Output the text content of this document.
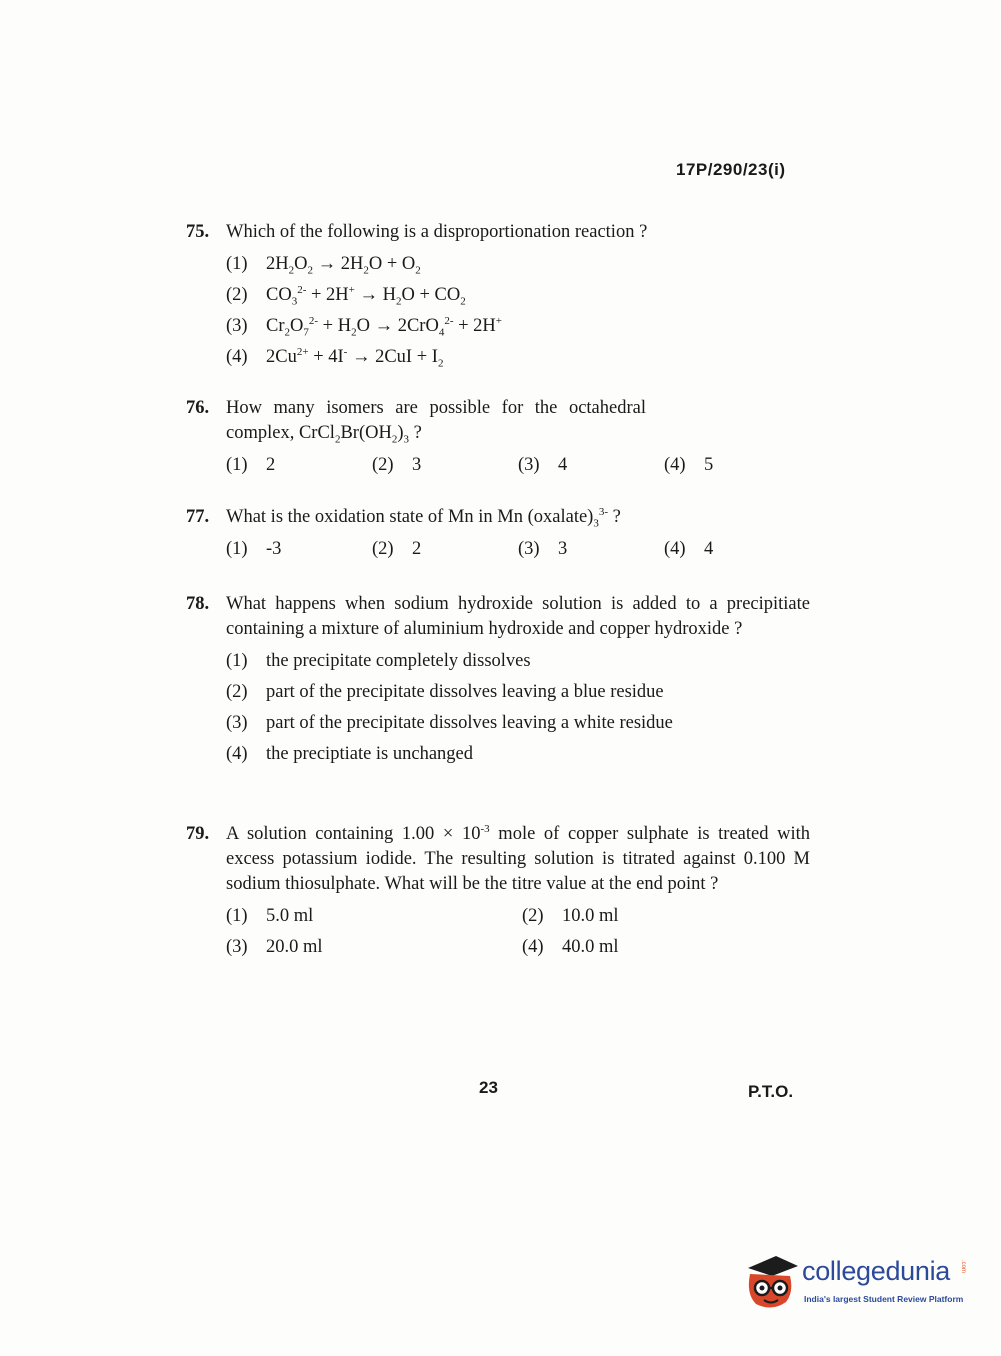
17P/290/23(i)
75. Which of the following is a disproportionation reaction ?
(1) $2H_2O_2 \to 2H_2O + O_2$
(2) $CO_3^{2-} + 2H^+ \to H_2O + CO_2$
(3) $Cr_2O_7^{2-} + H_2O \to 2CrO_4^{2-} + 2H^+$
(4) $2Cu^{2+} + 4I^- \to 2CuI + I_2$
76. How many isomers are possible for the octahedral complex, $CrCl_2Br(OH_2)_3$ ?
(1) 2	(2) 3	(3) 4	(4) 5
77. What is the oxidation state of Mn in Mn $(oxalate)_3^{3-}$ ?
(1) -3	(2) 2	(3) 3	(4) 4
78. What happens when sodium hydroxide solution is added to a precipitiate containing a mixture of aluminium hydroxide and copper hydroxide ?
(1) the precipitate completely dissolves
(2) part of the precipitate dissolves leaving a blue residue
(3) part of the precipitate dissolves leaving a white residue
(4) the preciptiate is unchanged
79. A solution containing $1.00 \times 10^{-3}$ mole of copper sulphate is treated with excess potassium iodide. The resulting solution is titrated against 0.100 M sodium thiosulphate. What will be the titre value at the end point ?
(1) 5.0 ml	(2) 10.0 ml
(3) 20.0 ml	(4) 40.0 ml
23	P.T.O.
collegedunia .com
India's largest Student Review Platform
